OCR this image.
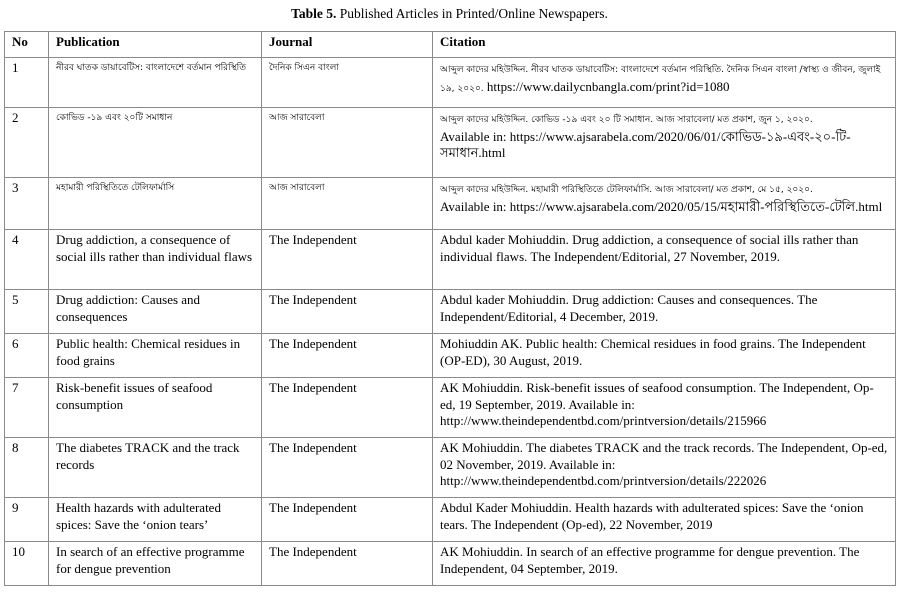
Table 5. Published Articles in Printed/Online Newspapers.
No	Publication	Journal	Citation
1	নীরব ঘাতক ডায়াবেটিস: বাংলাদেশে বর্তমান পরিস্থিতি	দৈনিক সিএন বাংলা	আব্দুল কাদের মহিউদ্দিন. নীরব ঘাতক ডায়াবেটিস: বাংলাদেশে বর্তমান পরিস্থিতি. দৈনিক সিএন বাংলা /স্বাস্থ্য ও জীবন, জুলাই ১৯, ২০২০. https://www.dailycnbangla.com/print?id=1080
2	কোভিড -১৯ এবং ২০টি সমাধান	আজ সারাবেলা	আব্দুল কাদের মহিউদ্দিন. কোভিড -১৯ এবং ২০ টি সমাধান. আজ সারাবেলা/ মত প্রকাশ, জুন ১, ২০২০.
Available in: https://www.ajsarabela.com/2020/06/01/কোভিড-১৯-এবং-২০-টি-সমাধান.html
3	মহামারী পরিস্থিতিতে টেলিফার্মাসি	আজ সারাবেলা	আব্দুল কাদের মহিউদ্দিন. মহামারী পরিস্থিতিতে টেলিফার্মাসি. আজ সারাবেলা/ মত প্রকাশ, মে ১৫, ২০২০.
Available in: https://www.ajsarabela.com/2020/05/15/মহামারী-পরিস্থিতিতে-টেলি.html
4	Drug addiction, a consequence of social ills rather than individual flaws	The Independent	Abdul kader Mohiuddin. Drug addiction, a consequence of social ills rather than individual flaws. The Independent/Editorial, 27 November, 2019.
5	Drug addiction: Causes and consequences	The Independent	Abdul kader Mohiuddin. Drug addiction: Causes and consequences. The Independent/Editorial, 4 December, 2019.
6	Public health: Chemical residues in food grains	The Independent	Mohiuddin AK. Public health: Chemical residues in food grains. The Independent (OP-ED), 30 August, 2019.
7	Risk-benefit issues of seafood consumption	The Independent	AK Mohiuddin. Risk-benefit issues of seafood consumption. The Independent, Op-ed, 19 September, 2019. Available in: http://www.theindependentbd.com/printversion/details/215966
8	The diabetes TRACK and the track records	The Independent	AK Mohiuddin. The diabetes TRACK and the track records. The Independent, Op-ed, 02 November, 2019. Available in: http://www.theindependentbd.com/printversion/details/222026
9	Health hazards with adulterated spices: Save the ‘onion tears’	The Independent	Abdul Kader Mohiuddin. Health hazards with adulterated spices: Save the ‘onion tears. The Independent (Op-ed), 22 November, 2019
10	In search of an effective programme for dengue prevention	The Independent	AK Mohiuddin. In search of an effective programme for dengue prevention. The Independent, 04 September, 2019.
